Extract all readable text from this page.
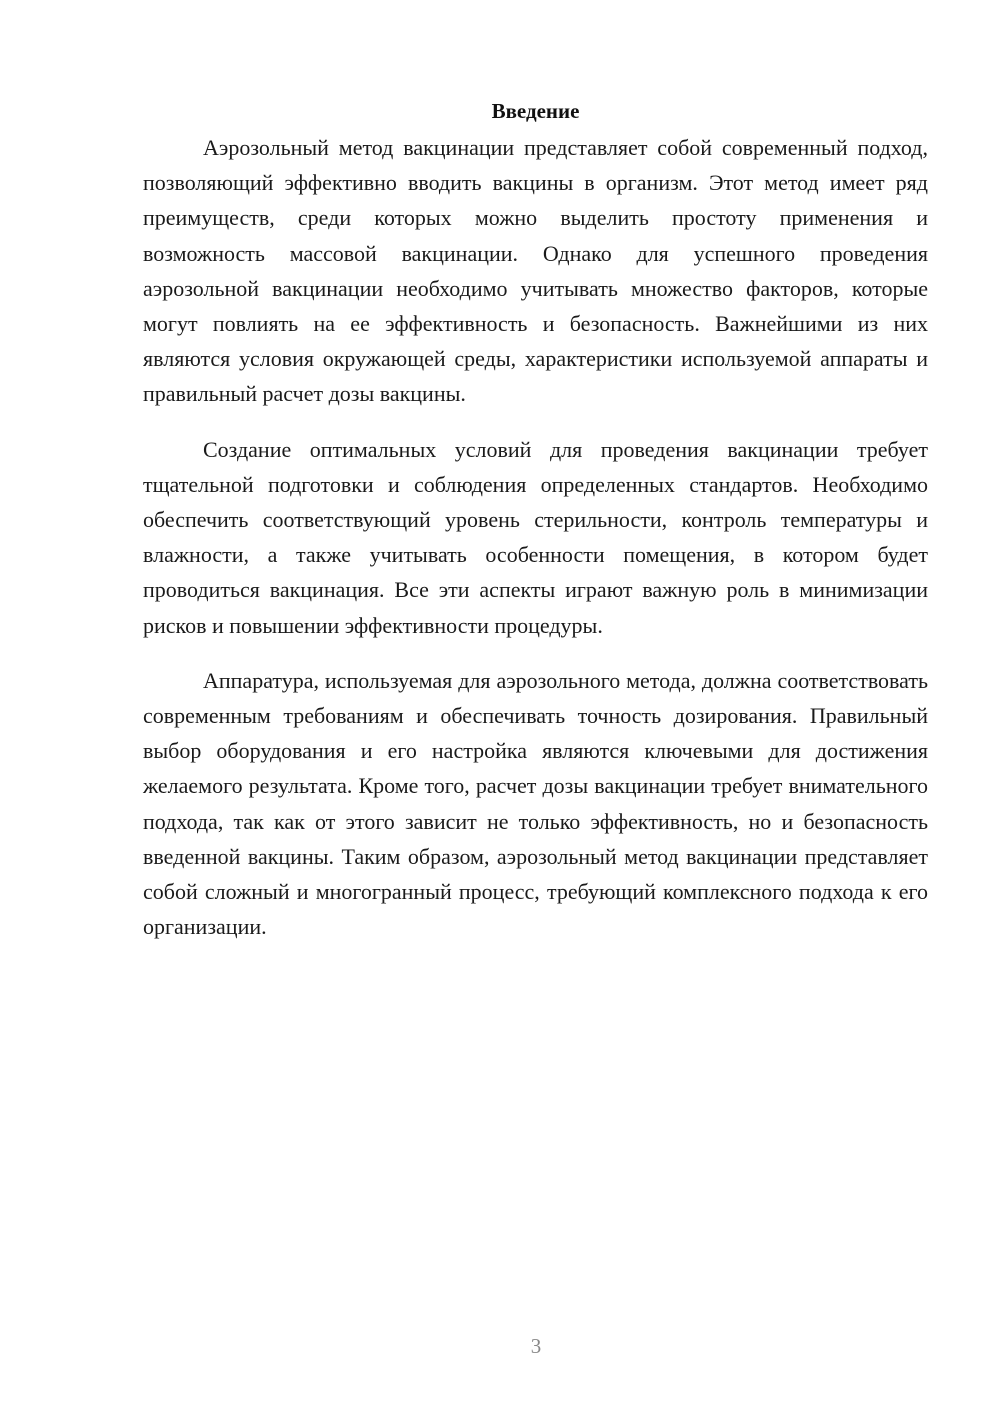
Введение

Аэрозольный метод вакцинации представляет собой современный подход, позволяющий эффективно вводить вакцины в организм. Этот метод имеет ряд преимуществ, среди которых можно выделить простоту применения и возможность массовой вакцинации. Однако для успешного проведения аэрозольной вакцинации необходимо учитывать множество факторов, которые могут повлиять на ее эффективность и безопасность. Важнейшими из них являются условия окружающей среды, характеристики используемой аппараты и правильный расчет дозы вакцины.

Создание оптимальных условий для проведения вакцинации требует тщательной подготовки и соблюдения определенных стандартов. Необходимо обеспечить соответствующий уровень стерильности, контроль температуры и влажности, а также учитывать особенности помещения, в котором будет проводиться вакцинация. Все эти аспекты играют важную роль в минимизации рисков и повышении эффективности процедуры.

Аппаратура, используемая для аэрозольного метода, должна соответствовать современным требованиям и обеспечивать точность дозирования. Правильный выбор оборудования и его настройка являются ключевыми для достижения желаемого результата. Кроме того, расчет дозы вакцинации требует внимательного подхода, так как от этого зависит не только эффективность, но и безопасность введенной вакцины. Таким образом, аэрозольный метод вакцинации представляет собой сложный и многогранный процесс, требующий комплексного подхода к его организации.

3
